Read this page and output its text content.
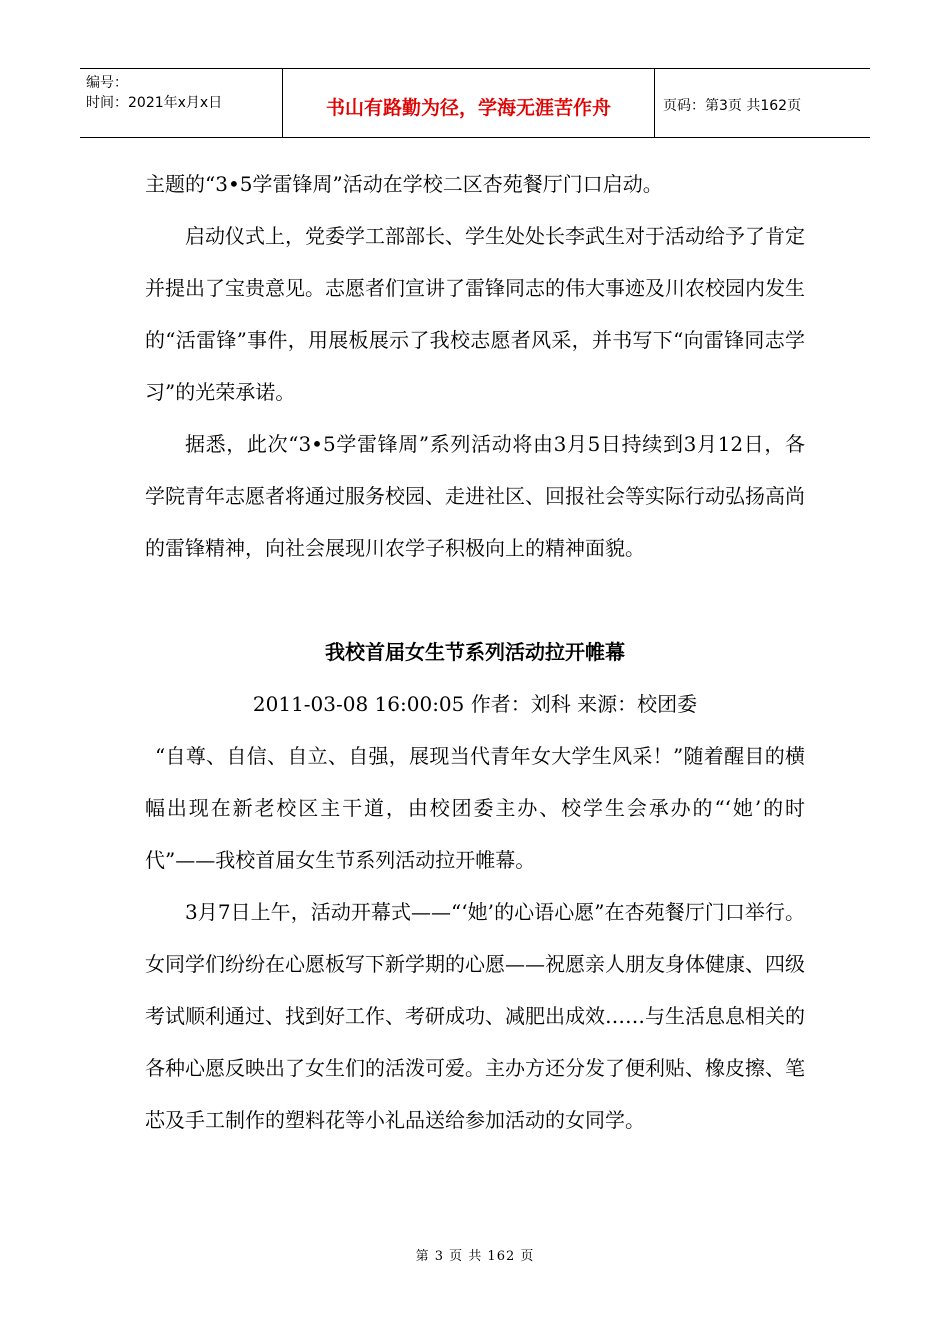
编号：
时间：2021年x月x日	书山有路勤为径，学海无涯苦作舟	页码：第3页 共162页

主题的“3•5学雷锋周”活动在学校二区杏苑餐厅门口启动。

启动仪式上，党委学工部部长、学生处处长李武生对于活动给予了肯定并提出了宝贵意见。志愿者们宣讲了雷锋同志的伟大事迹及川农校园内发生的“活雷锋”事件，用展板展示了我校志愿者风采，并书写下“向雷锋同志学习”的光荣承诺。

据悉，此次“3•5学雷锋周”系列活动将由3月5日持续到3月12日，各学院青年志愿者将通过服务校园、走进社区、回报社会等实际行动弘扬高尚的雷锋精神，向社会展现川农学子积极向上的精神面貌。

我校首届女生节系列活动拉开帷幕

2011-03-08 16:00:05 作者：刘科 来源：校团委

“自尊、自信、自立、自强，展现当代青年女大学生风采！”随着醒目的横幅出现在新老校区主干道，由校团委主办、校学生会承办的“‘她’的时代”——我校首届女生节系列活动拉开帷幕。

3月7日上午，活动开幕式——“‘她’的心语心愿”在杏苑餐厅门口举行。女同学们纷纷在心愿板写下新学期的心愿——祝愿亲人朋友身体健康、四级考试顺利通过、找到好工作、考研成功、减肥出成效……与生活息息相关的各种心愿反映出了女生们的活泼可爱。主办方还分发了便利贴、橡皮擦、笔芯及手工制作的塑料花等小礼品送给参加活动的女同学。

第 3 页 共 162 页
